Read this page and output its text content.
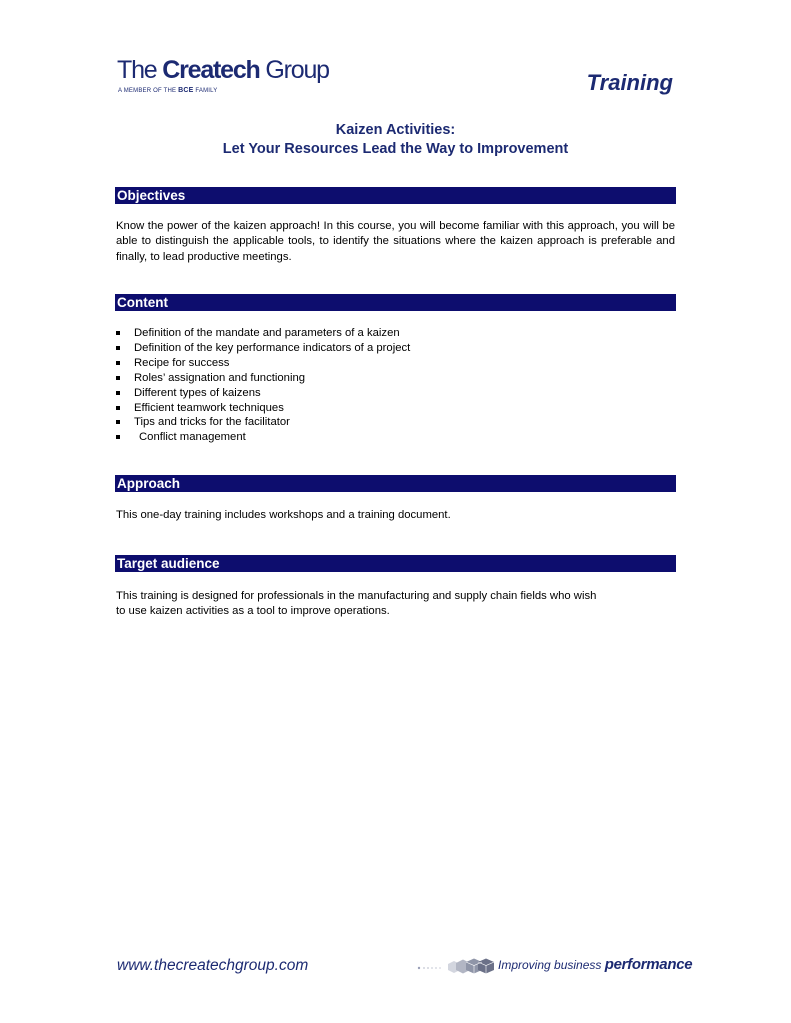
The Createch Group
A MEMBER OF THE BCE FAMILY	Training
Kaizen Activities:
Let Your Resources Lead the Way to Improvement
Objectives

Know the power of the kaizen approach! In this course, you will become familiar with this approach, you will be able to distinguish the applicable tools, to identify the situations where the kaizen approach is preferable and finally, to lead productive meetings.

Content
Definition of the mandate and parameters of a kaizen
Definition of the key performance indicators of a project
Recipe for success
Roles’ assignation and functioning
Different types of kaizens
Efficient teamwork techniques
Tips and tricks for the facilitator
Conflict management
Approach

This one-day training includes workshops and a training document.

Target audience

This training is designed for professionals in the manufacturing and supply chain fields who wish

to use kaizen activities as a tool to improve operations.

www.thecreatechgroup.com	Improving business performance
